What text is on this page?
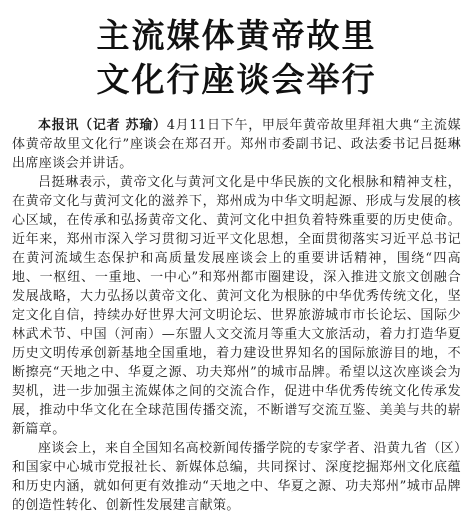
主流媒体黄帝故里
文化行座谈会举行

本报讯（记者 苏瑜）4月11日下午，甲辰年黄帝故里拜祖大典“主流媒体黄帝故里文化行”座谈会在郑召开。郑州市委副书记、政法委书记吕挺琳出席座谈会并讲话。

吕挺琳表示，黄帝文化与黄河文化是中华民族的文化根脉和精神支柱，在黄帝文化与黄河文化的滋养下，郑州成为中华文明起源、形成与发展的核心区域，在传承和弘扬黄帝文化、黄河文化中担负着特殊重要的历史使命。近年来，郑州市深入学习贯彻习近平文化思想，全面贯彻落实习近平总书记在黄河流域生态保护和高质量发展座谈会上的重要讲话精神，围绕“四高地、一枢纽、一重地、一中心”和郑州都市圈建设，深入推进文旅文创融合发展战略，大力弘扬以黄帝文化、黄河文化为根脉的中华优秀传统文化，坚定文化自信，持续办好世界大河文明论坛、世界旅游城市市长论坛、国际少林武术节、中国（河南）—东盟人文交流月等重大文旅活动，着力打造华夏历史文明传承创新基地全国重地，着力建设世界知名的国际旅游目的地，不断擦亮“天地之中、华夏之源、功夫郑州”的城市品牌。希望以这次座谈会为契机，进一步加强主流媒体之间的交流合作，促进中华优秀传统文化传承发展，推动中华文化在全球范围传播交流，不断谱写交流互鉴、美美与共的崭新篇章。

座谈会上，来自全国知名高校新闻传播学院的专家学者、沿黄九省（区）和国家中心城市党报社长、新媒体总编，共同探讨、深度挖掘郑州文化底蕴和历史内涵，就如何更有效推动“天地之中、华夏之源、功夫郑州”城市品牌的创造性转化、创新性发展建言献策。
